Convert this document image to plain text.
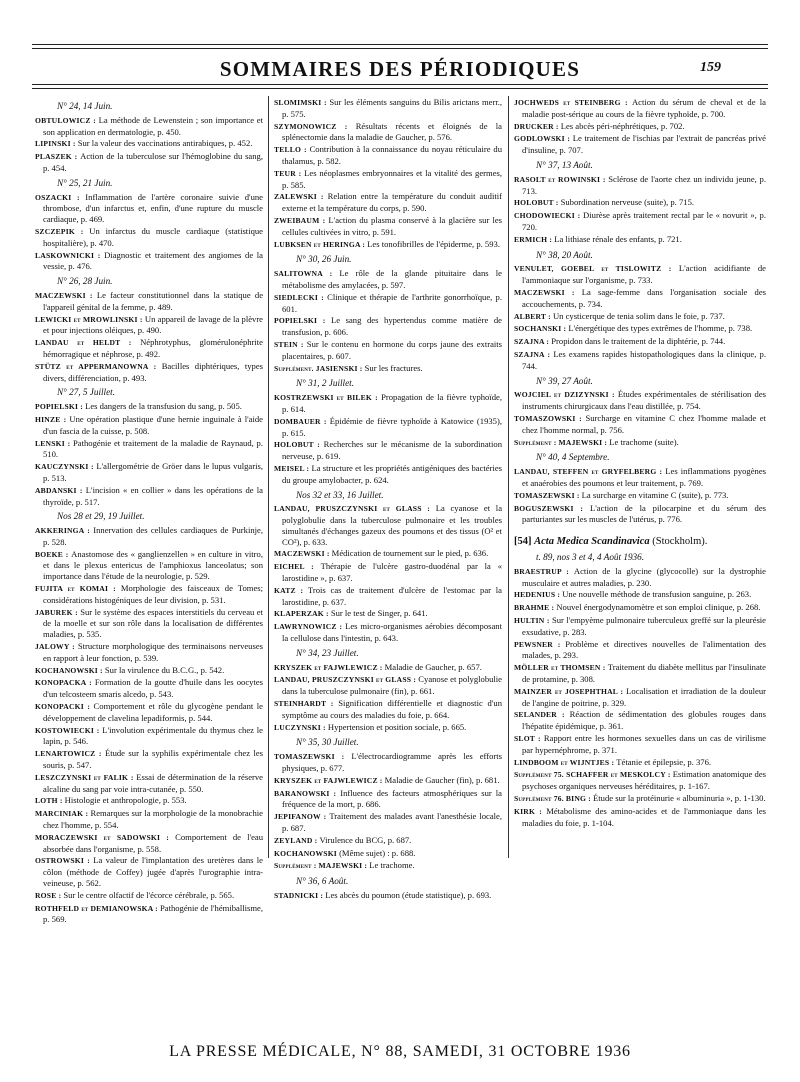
SOMMAIRES DES PÉRIODIQUES	159
N° 24, 14 Juin.
OBTULOWICZ : La méthode de Lewenstein ; son importance et son application en dermatologie, p. 450.
LIPINSKI : Sur la valeur des vaccinations antirabiques, p. 452.
PLASZEK : Action de la tuberculose sur l'hémoglobine du sang, p. 454.
N° 25, 21 Juin.
OSZACKI : Inflammation de l'artère coronaire suivie d'une thrombose, d'un infarctus et, enfin, d'une rupture du muscle cardiaque, p. 469.
SZCZEPIK : Un infarctus du muscle cardiaque (statistique hospitalière), p. 470.
LASKOWNICKI : Diagnostic et traitement des angiomes de la vessie, p. 476.
N° 26, 28 Juin.
MACZEWSKI : Le facteur constitutionnel dans la statique de l'appareil génital de la femme, p. 489.
LEWICKI et MROWLINSKI : Un appareil de lavage de la plèvre et pour injections oléiques, p. 490.
LANDAU et HELDT : Néphrotyphus, glomérulonéphrite hémorragique et néphrose, p. 492.
STÜTZ et APPERMANOWNA : Bacilles diphtériques, types divers, différenciation, p. 493.
N° 27, 5 Juillet.
POPIELSKI : Les dangers de la transfusion du sang, p. 505.
HINZE : Une opération plastique d'une hernie inguinale à l'aide d'un fascia de la cuisse, p. 508.
LENSKI : Pathogénie et traitement de la maladie de Raynaud, p. 510.
KAUCZYNSKI : L'allergométrie de Gröer dans le lupus vulgaris, p. 513.
ABDANSKI : L'incision « en collier » dans les opérations de la thyroïde, p. 517.
Nos 28 et 29, 19 Juillet.
AKKERINGA : Innervation des cellules cardiaques de Purkinje, p. 528.
BOEKE : Anastomose des « ganglienzellen » en culture in vitro, et dans le plexus entericus de l'amphioxus lanceolatus; son importance dans l'étude de la neurologie, p. 529.
FUJITA et KOMAI : Morphologie des faisceaux de Tomes; considérations histogéniques de leur division, p. 531.
JABUREK : Sur le système des espaces interstitiels du cerveau et de la moelle et sur son rôle dans la localisation de différentes maladies, p. 535.
JALOWY : Structure morphologique des terminaisons nerveuses en rapport à leur fonction, p. 539.
KOCHANOWSKI : Sur la virulence du B.C.G., p. 542.
KONOPACKA : Formation de la goutte d'huile dans les oocytes d'un telcosteem smaris alcedo, p. 543.
KONOPACKI : Comportement et rôle du glycogène pendant le développement de clavelina lepadiformis, p. 544.
KOSTOWIECKI : L'involution expérimentale du thymus chez le lapin, p. 546.
LENARTOWICZ : Étude sur la syphilis expérimentale chez les souris, p. 547.
LESZCZYNSKI et FALIK : Essai de détermination de la réserve alcaline du sang par voie intra-cutanée, p. 550.
LOTH : Histologie et anthropologie, p. 553.
MARCINIAK : Remarques sur la morphologie de la monobrachie chez l'homme, p. 554.
MORACZEWSKI et SADOWSKI : Comportement de l'eau absorbée dans l'organisme, p. 558.
OSTROWSKI : La valeur de l'implantation des uretères dans le côlon (méthode de Coffey) jugée d'après l'urographie intra-veineuse, p. 562.
ROSE : Sur le centre olfactif de l'écorce cérébrale, p. 565.
ROTHFELD et DEMIANOWSKA : Pathogénie de l'hémiballisme, p. 569.
SLOMIMSKI : Sur les éléments sanguins du Bilis arictans merr., p. 575.
SZYMONOWICZ : Résultats récents et éloignés de la splénectomie dans la maladie de Gaucher, p. 576.
TELLO : Contribution à la connaissance du noyau réticulaire du thalamus, p. 582.
TEUR : Les néoplasmes embryonnaires et la vitalité des germes, p. 585.
ZALEWSKI : Relation entre la température du conduit auditif externe et la température du corps, p. 590.
ZWEIBAUM : L'action du plasma conservé à la glacière sur les cellules cultivées in vitro, p. 591.
LUBKSEN et HERINGA : Les tonofibrilles de l'épiderme, p. 593.
N° 30, 26 Juin.
SALITOWNA : Le rôle de la glande pituitaire dans le métabolisme des amylacées, p. 597.
SIEDLECKI : Clinique et thérapie de l'arthrite gonorrhoïque, p. 601.
POPIELSKI : Le sang des hypertendus comme matière de transfusion, p. 606.
STEIN : Sur le contenu en hormone du corps jaune des extraits placentaires, p. 607.
Supplément. JASIENSKI : Sur les fractures.
N° 31, 2 Juillet.
KOSTRZEWSKI et BILEK : Propagation de la fièvre typhoïde, p. 614.
DOMBAUER : Épidémie de fièvre typhoïde à Katowice (1935), p. 615.
HOLOBUT : Recherches sur le mécanisme de la subordination nerveuse, p. 619.
MEISEL : La structure et les propriétés antigéniques des bactéries du groupe amylobacter, p. 624.
Nos 32 et 33, 16 Juillet.
LANDAU, PRUSZCZYNSKI et GLASS : La cyanose et la polyglobulie dans la tuberculose pulmonaire et les troubles simultanés d'échanges gazeux des poumons et des tissus (O² et CO²), p. 633.
MACZEWSKI : Médication de tournement sur le pied, p. 636.
EICHEL : Thérapie de l'ulcère gastro-duodénal par la « larostidine », p. 637.
KATZ : Trois cas de traitement d'ulcère de l'estomac par la larostidine, p. 637.
KLAPERZAK : Sur le test de Singer, p. 641.
LAWRYNOWICZ : Les micro-organismes aérobies décomposant la cellulose dans l'intestin, p. 643.
N° 34, 23 Juillet.
KRYSZEK et FAJWLEWICZ : Maladie de Gaucher, p. 657.
LANDAU, PRUSZCZYNSKI et GLASS : Cyanose et polyglobulie dans la tuberculose pulmonaire (fin), p. 661.
STEINHARDT : Signification différentielle et diagnostic d'un symptôme au cours des maladies du foie, p. 664.
LUCZYNSKI : Hypertension et position sociale, p. 665.
N° 35, 30 Juillet.
TOMASZEWSKI : L'électrocardiogramme après les efforts physiques, p. 677.
KRYSZEK et FAJWLEWICZ : Maladie de Gaucher (fin), p. 681.
BARANOWSKI : Influence des facteurs atmosphériques sur la fréquence de la mort, p. 686.
JEPIFANOW : Traitement des malades avant l'anesthésie locale, p. 687.
ZEYLAND : Virulence du BCG, p. 687.
KOCHANOWSKI (Même sujet) : p. 688.
Supplément : MAJEWSKI : Le trachome.
N° 36, 6 Août.
STADNICKI : Les abcès du poumon (étude statistique), p. 693.
JOCHWEDS et STEINBERG : Action du sérum de cheval et de la maladie post-sérique au cours de la fièvre typhoïde, p. 700.
DRUCKER : Les abcès péri-néphrétiques, p. 702.
GODLOWSKI : Le traitement de l'ischias par l'extrait de pancréas privé d'insuline, p. 707.
N° 37, 13 Août.
RASOLT et ROWINSKI : Sclérose de l'aorte chez un individu jeune, p. 713.
HOLOBUT : Subordination nerveuse (suite), p. 715.
CHODOWIECKI : Diurèse après traitement rectal par le « novurit », p. 720.
ERMICH : La lithiase rénale des enfants, p. 721.
N° 38, 20 Août.
VENULET, GOEBEL et TISLOWITZ : L'action acidifiante de l'ammoniaque sur l'organisme, p. 733.
MACZEWSKI : La sage-femme dans l'organisation sociale des accouchements, p. 734.
ALBERT : Un cysticerque de tenia solim dans le foie, p. 737.
SOCHANSKI : L'énergétique des types extrêmes de l'homme, p. 738.
SZAJNA : Propidon dans le traitement de la diphtérie, p. 744.
SZAJNA : Les examens rapides histopathologiques dans la clinique, p. 744.
N° 39, 27 Août.
WOJCIEL et DZIZYNSKI : Études expérimentales de stérilisation des instruments chirurgicaux dans l'eau distillée, p. 754.
TOMASZOWSKI : Surcharge en vitamine C chez l'homme malade et chez l'homme normal, p. 756.
Supplément : MAJEWSKI : Le trachome (suite).
N° 40, 4 Septembre.
LANDAU, STEFFEN et GRYFELBERG : Les inflammations pyogènes et anaérobies des poumons et leur traitement, p. 769.
TOMASZEWSKI : La surcharge en vitamine C (suite), p. 773.
BOGUSZEWSKI : L'action de la pilocarpine et du sérum des parturiantes sur les muscles de l'utérus, p. 776.
[54] Acta Medica Scandinavica (Stockholm).
t. 89, nos 3 et 4, 4 Août 1936.
BRAESTRUP : Action de la glycine (glycocolle) sur la dystrophie musculaire et autres maladies, p. 230.
HEDENIUS : Une nouvelle méthode de transfusion sanguine, p. 263.
BRAHME : Nouvel énergodynamomètre et son emploi clinique, p. 268.
HULTIN : Sur l'empyème pulmonaire tuberculeux greffé sur la pleurésie exsudative, p. 283.
PEWSNER : Problème et directives nouvelles de l'alimentation des malades, p. 293.
MÖLLER et THOMSEN : Traitement du diabète mellitus par l'insulinate de protamine, p. 308.
MAINZER et JOSEPHTHAL : Localisation et irradiation de la douleur de l'angine de poitrine, p. 329.
SELANDER : Réaction de sédimentation des globules rouges dans l'hépatite épidémique, p. 361.
SLOT : Rapport entre les hormones sexuelles dans un cas de virilisme par hypernéphrome, p. 371.
LINDBOOM et WIJNTJES : Tétanie et épilepsie, p. 376.
Supplément 75. SCHAFFER et MESKOLCY : Estimation anatomique des psychoses organiques nerveuses héréditaires, p. 1-167.
Supplément 76. BING : Étude sur la protéinurie « albuminuria », p. 1-130.
KIRK : Métabolisme des amino-acides et de l'ammoniaque dans les maladies du foie, p. 1-104.
LA PRESSE MÉDICALE, N° 88, SAMEDI, 31 OCTOBRE 1936
